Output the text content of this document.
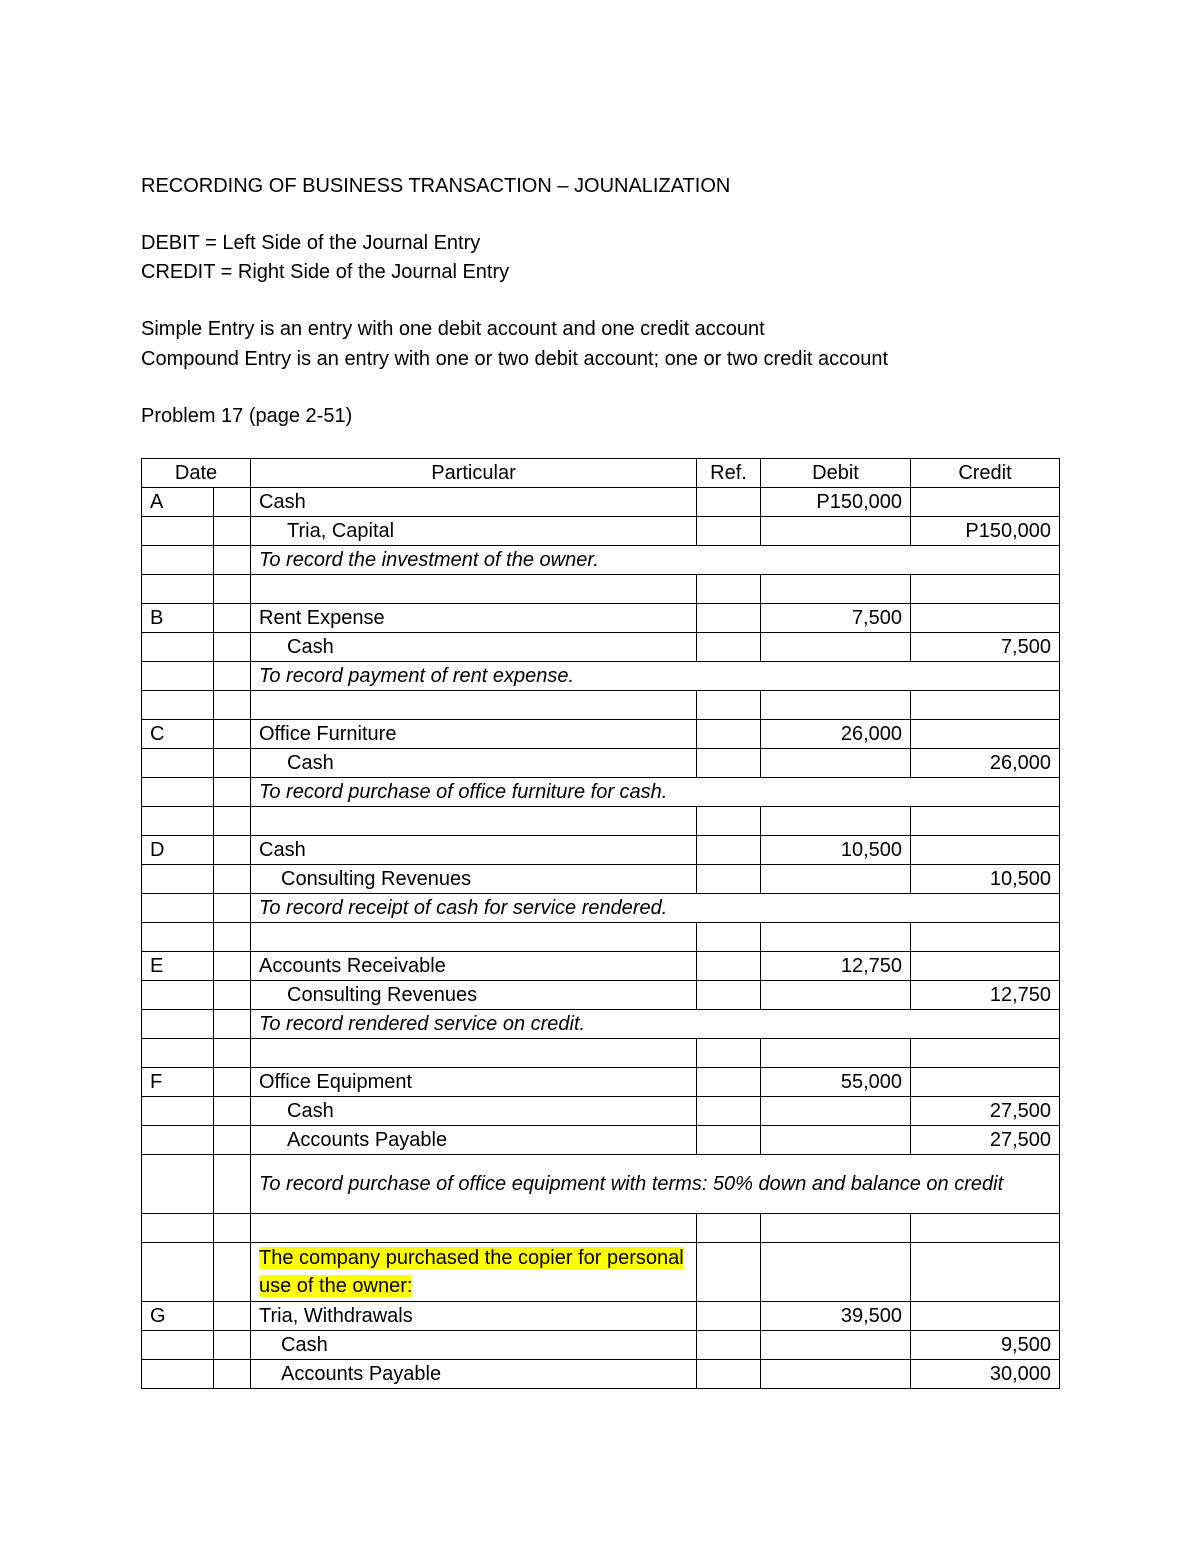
RECORDING OF BUSINESS TRANSACTION – JOUNALIZATION
DEBIT = Left Side of the Journal Entry
CREDIT = Right Side of the Journal Entry
Simple Entry is an entry with one debit account and one credit account
Compound Entry is an entry with one or two debit account; one or two credit account
Problem 17 (page 2-51)
Date		Particular	Ref.	Debit	Credit
A		Cash		P150,000	
		Tria, Capital			P150,000
		To record the investment of the owner.			

B		Rent Expense		7,500	
		Cash			7,500
		To record payment of rent expense.			

C		Office Furniture		26,000	
		Cash			26,000
		To record purchase of office furniture for cash.			

D		Cash		10,500	
		Consulting Revenues			10,500
		To record receipt of cash for service rendered.			

E		Accounts Receivable		12,750	
		Consulting Revenues			12,750
		To record rendered service on credit.			

F		Office Equipment		55,000	
		Cash			27,500
		Accounts Payable			27,500
		To record purchase of office equipment with terms: 50% down and balance on credit			

		The company purchased the copier for personal use of the owner:			
G		Tria, Withdrawals		39,500	
		Cash			9,500
		Accounts Payable			30,000
